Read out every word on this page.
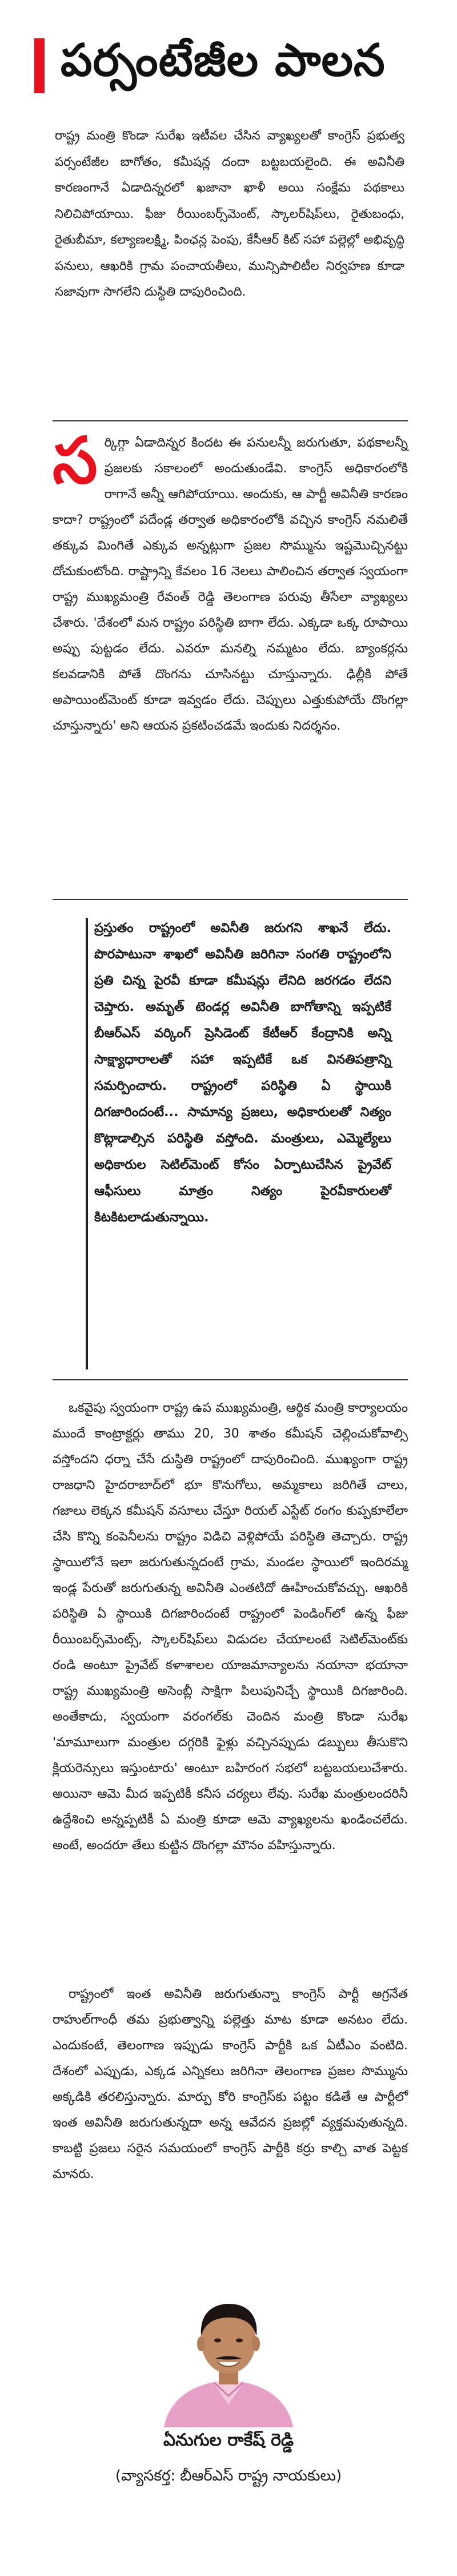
పర్సంటేజీల పాలన

రాష్ట్ర మంత్రి కొండా సురేఖ ఇటీవల చేసిన వ్యాఖ్యలతో కాంగ్రెస్ ప్రభుత్వ పర్సంటేజీల బాగోతం, కమీషన్ల దందా బట్టబయలైంది. ఈ అవినీతి కారణంగానే ఏడాదిన్నరలో ఖజానా ఖాళీ అయి సంక్షేమ పథకాలు నిలిచిపోయాయి. ఫీజు రీయింబర్స్‌మెంట్, స్కాలర్‌షిప్‌లు, రైతుబంధు, రైతుబీమా, కల్యాణలక్ష్మి, పింఛన్ల పెంపు, కేసీఆర్ కిట్ సహా పల్లెల్లో అభివృద్ధి పనులు, ఆఖరికి గ్రామ పంచాయతీలు, మున్సిపాలిటీల నిర్వహణ కూడా సజావుగా సాగలేని దుస్థితి దాపురించింది.

స ర్కిగ్గా ఏడాదిన్నర కిందట ఈ పనులన్నీ జరుగుతూ, పథకాలన్నీ ప్రజలకు సకాలంలో అందుతుండేవి. కాంగ్రెస్ అధికారంలోకి రాగానే అన్నీ ఆగిపోయాయి. అందుకు, ఆ పార్టీ అవినీతి కారణం కాదా? రాష్ట్రంలో పదేండ్ల తర్వాత అధికారంలోకి వచ్చిన కాంగ్రెస్ నమలితే తక్కువ మింగితే ఎక్కువ అన్నట్లుగా ప్రజల సొమ్మును ఇష్టమొచ్చినట్టు దోచుకుంటోంది. రాష్ట్రాన్ని కేవలం 16 నెలలు పాలించిన తర్వాత స్వయంగా రాష్ట్ర ముఖ్యమంత్రి రేవంత్ రెడ్డి తెలంగాణ పరువు తీసేలా వ్యాఖ్యలు చేశారు. 'దేశంలో మన రాష్ట్రం పరిస్థితి బాగా లేదు. ఎక్కడా ఒక్క రూపాయి అప్పు పుట్టడం లేదు. ఎవరూ మనల్ని నమ్మటం లేదు. బ్యాంకర్లను కలవడానికి పోతే దొంగను చూసినట్టు చూస్తున్నారు. ఢిల్లీకి పోతే అపాయింట్‌మెంట్ కూడా ఇవ్వడం లేదు. చెప్పులు ఎత్తుకుపోయే దొంగల్లా చూస్తున్నారు' అని ఆయన ప్రకటించడమే ఇందుకు నిదర్శనం.

ప్రస్తుతం రాష్ట్రంలో అవినీతి జరుగని శాఖనే లేదు. పొరపాటునా శాఖలో అవినీతి జరిగినా సంగతి రాష్ట్రంలోని ప్రతి చిన్న పైరవీ కూడా కమీషన్లు లేనిది జరగడం లేదని చెప్తారు. అమృత్ టెండర్ల అవినీతి బాగోతాన్ని ఇప్పటికే బీఆర్‌ఎస్ వర్కింగ్ ప్రెసిడెంట్ కేటీఆర్ కేంద్రానికి అన్ని సాక్ష్యాధారాలతో సహా ఇప్పటికే ఒక వినతిపత్రాన్ని సమర్పించారు. రాష్ట్రంలో పరిస్థితి ఏ స్థాయికి దిగజారిందంటే... సామాన్య ప్రజలు, అధికారులతో నిత్యం కొట్లాడాల్సిన పరిస్థితి వస్తోంది. మంత్రులు, ఎమ్మెల్యేలు అధికారుల సెటిల్‌మెంట్ కోసం ఏర్పాటుచేసిన ప్రైవేట్ ఆఫీసులు మాత్రం నిత్యం పైరవీకారులతో కిటకిటలాడుతున్నాయి.

ఒకవైపు స్వయంగా రాష్ట్ర ఉప ముఖ్యమంత్రి, ఆర్థిక మంత్రి కార్యాలయం ముందే కాంట్రాక్టర్లు తాము 20, 30 శాతం కమీషన్ చెల్లించుకోవాల్సి వస్తోందని ధర్నా చేసే దుస్థితి రాష్ట్రంలో దాపురించింది. ముఖ్యంగా రాష్ట్ర రాజధాని హైదరాబాద్‌లో భూ కొనుగోలు, అమ్మకాలు జరిగితే చాలు, గజాలు లెక్కన కమీషన్ వసూలు చేస్తూ రియల్ ఎస్టేట్ రంగం కుప్పకూలేలా చేసి కొన్ని కంపెనీలను రాష్ట్రం విడిచి వెళ్లిపోయే పరిస్థితి తెచ్చారు. రాష్ట్ర స్థాయిలోనే ఇలా జరుగుతున్నదంటే గ్రామ, మండల స్థాయిలో ఇందిరమ్మ ఇండ్ల పేరుతో జరుగుతున్న అవినీతి ఎంతటిదో ఊహించుకోవచ్చు. ఆఖరికి పరిస్థితి ఏ స్థాయికి దిగజారిందంటే రాష్ట్రంలో పెండింగ్‌లో ఉన్న ఫీజు రీయింబర్స్‌మెంట్స్, స్కాలర్‌షిప్‌లు విడుదల చేయాలంటే సెటిల్‌మెంట్‌కు రండి అంటూ ప్రైవేట్ కళాశాలల యాజమాన్యాలను నయానా భయానా రాష్ట్ర ముఖ్యమంత్రి అసెంబ్లీ సాక్షిగా పిలుపునిచ్చే స్థాయికి దిగజారింది. అంతేకాదు, స్వయంగా వరంగల్‌కు చెందిన మంత్రి కొండా సురేఖ 'మామూలుగా మంత్రుల దగ్గరికి ఫైళ్లు వచ్చినప్పుడు డబ్బులు తీసుకొని క్లియరెన్సులు ఇస్తుంటారు' అంటూ బహిరంగ సభలో బట్టబయలుచేశారు. అయినా ఆమె మీద ఇప్పటికీ కనీస చర్యలు లేవు. సురేఖ మంత్రులందరినీ ఉద్దేశించి అన్నప్పటికీ ఏ మంత్రి కూడా ఆమె వ్యాఖ్యలను ఖండించలేదు. అంటే, అందరూ తేలు కుట్టిన దొంగల్లా మౌనం వహిస్తున్నారు.

రాష్ట్రంలో ఇంత అవినీతి జరుగుతున్నా కాంగ్రెస్ పార్టీ అగ్రనేత రాహుల్‌గాంధీ తమ ప్రభుత్వాన్ని పల్లెత్తు మాట కూడా అనటం లేదు. ఎందుకంటే, తెలంగాణ ఇప్పుడు కాంగ్రెస్ పార్టీకి ఒక ఏటీఎం వంటిది. దేశంలో ఎప్పుడు, ఎక్కడ ఎన్నికలు జరిగినా తెలంగాణ ప్రజల సొమ్మును అక్కడికి తరలిస్తున్నారు. మార్పు కోరి కాంగ్రెస్‌కు పట్టం కడితే ఆ పార్టీలో ఇంత అవినీతి జరుగుతున్నదా అన్న ఆవేదన ప్రజల్లో వ్యక్తమవుతున్నది. కాబట్టి ప్రజలు సరైన సమయంలో కాంగ్రెస్ పార్టీకి కర్రు కాల్చి వాత పెట్టక మానరు.

ఏనుగుల రాకేష్ రెడ్డి
(వ్యాసకర్త: బీఆర్‌ఎస్ రాష్ట్ర నాయకులు)
